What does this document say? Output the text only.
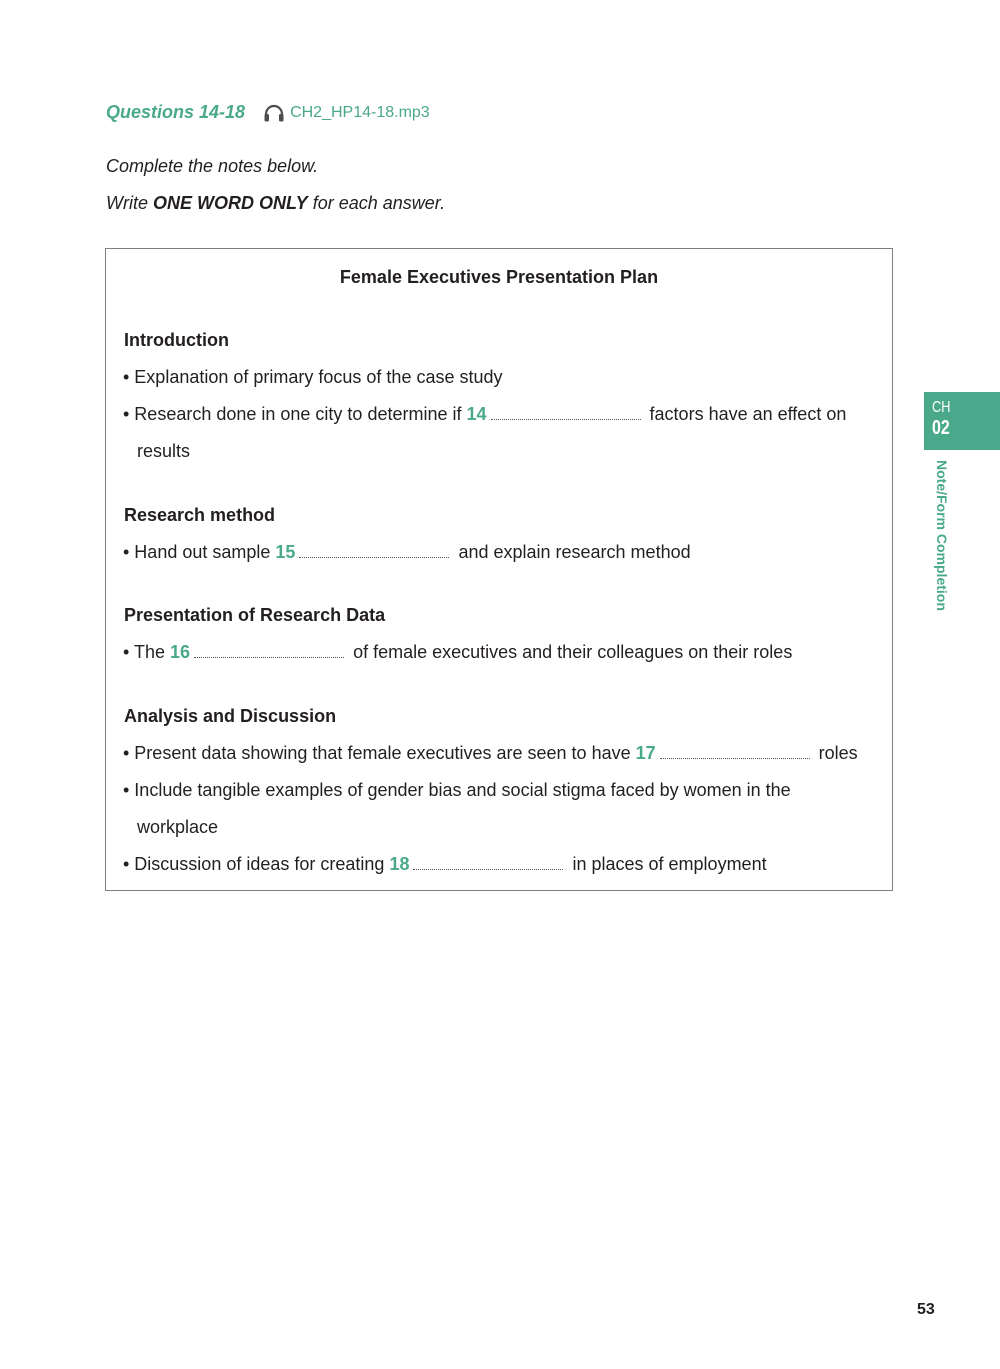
Questions 14-18	CH2_HP14-18.mp3
Complete the notes below.
Write ONE WORD ONLY for each answer.
Female Executives Presentation Plan
Introduction
• Explanation of primary focus of the case study
• Research done in one city to determine if 14	factors have an effect on
results
Research method
• Hand out sample 15	and explain research method
Presentation of Research Data
• The 16	of female executives and their colleagues on their roles
Analysis and Discussion
• Present data showing that female executives are seen to have 17	roles
• Include tangible examples of gender bias and social stigma faced by women in the
workplace
• Discussion of ideas for creating 18	in places of employment
CH
02
Note/Form Completion
53
